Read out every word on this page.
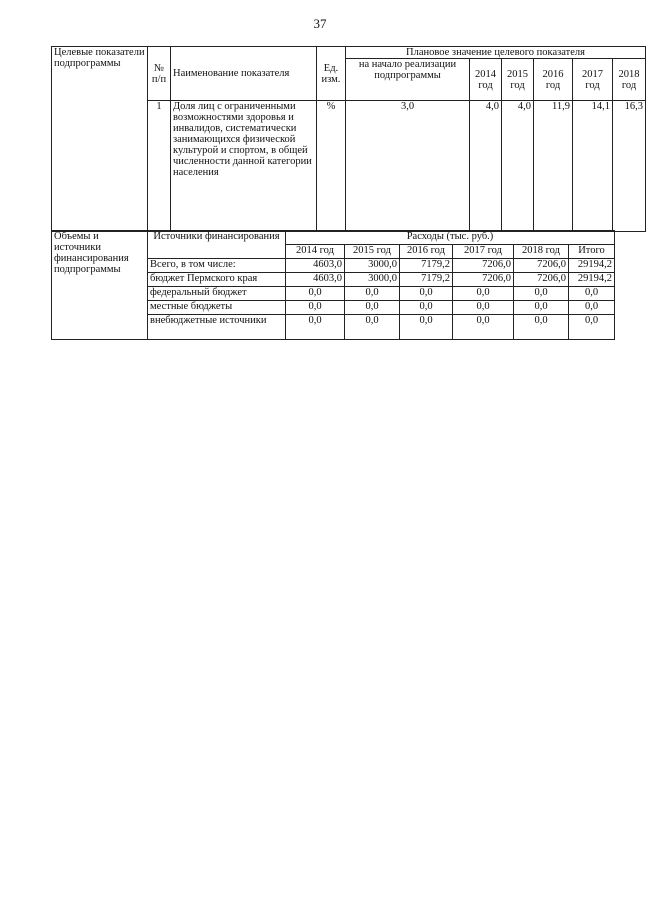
37
Целевые показатели подпрограммы	№ п/п	Наименование показателя	Ед. изм.	Плановое значение целевого показателя					
				на начало реализации подпрограммы	2014 год	2015 год	2016 год	2017 год	2018 год
	1	Доля лиц с ограниченными возможностями здоровья и инвалидов, систематически занимающихся физической культурой и спортом, в общей численности данной категории населения	%	3,0	4,0	4,0	11,9	14,1	16,3
Объемы и источники финансирования подпрограммы	Источники финансирования	Расходы (тыс. руб.)					
		2014 год	2015 год	2016 год	2017 год	2018 год	Итого
	Всего, в том числе:	4603,0	3000,0	7179,2	7206,0	7206,0	29194,2
	бюджет Пермского края	4603,0	3000,0	7179,2	7206,0	7206,0	29194,2
	федеральный бюджет	0,0	0,0	0,0	0,0	0,0	0,0
	местные бюджеты	0,0	0,0	0,0	0,0	0,0	0,0
	внебюджетные источники	0,0	0,0	0,0	0,0	0,0	0,0
